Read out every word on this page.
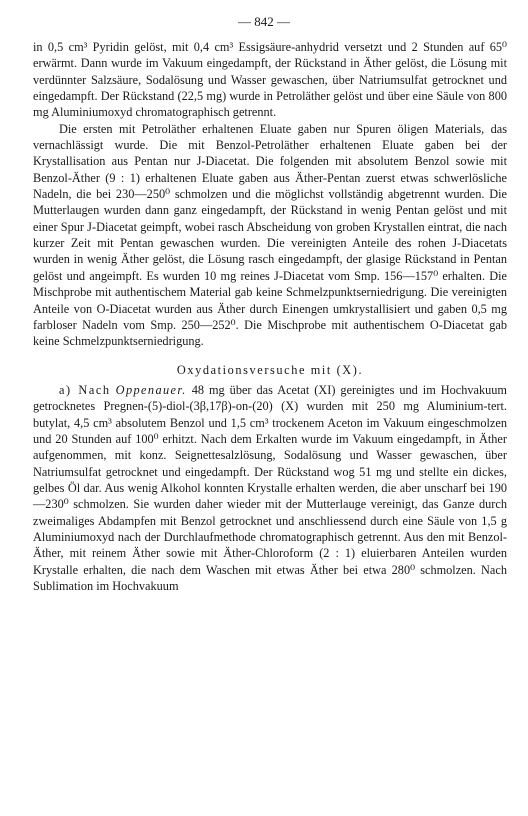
— 842 —

in 0,5 cm³ Pyridin gelöst, mit 0,4 cm³ Essigsäure-anhydrid versetzt und 2 Stunden auf 65⁰ erwärmt. Dann wurde im Vakuum eingedampft, der Rückstand in Äther gelöst, die Lösung mit verdünnter Salzsäure, Sodalösung und Wasser gewaschen, über Natriumsulfat getrocknet und eingedampft. Der Rückstand (22,5 mg) wurde in Petroläther gelöst und über eine Säule von 800 mg Aluminiumoxyd chromatographisch getrennt.

Die ersten mit Petroläther erhaltenen Eluate gaben nur Spuren öligen Materials, das vernachlässigt wurde. Die mit Benzol-Petroläther erhaltenen Eluate gaben bei der Krystallisation aus Pentan nur J-Diacetat. Die folgenden mit absolutem Benzol sowie mit Benzol-Äther (9 : 1) erhaltenen Eluate gaben aus Äther-Pentan zuerst etwas schwerlösliche Nadeln, die bei 230—250⁰ schmolzen und die möglichst vollständig abgetrennt wurden. Die Mutterlaugen wurden dann ganz eingedampft, der Rückstand in wenig Pentan gelöst und mit einer Spur J-Diacetat geimpft, wobei rasch Abscheidung von groben Krystallen eintrat, die nach kurzer Zeit mit Pentan gewaschen wurden. Die vereinigten Anteile des rohen J-Diacetats wurden in wenig Äther gelöst, die Lösung rasch eingedampft, der glasige Rückstand in Pentan gelöst und angeimpft. Es wurden 10 mg reines J-Diacetat vom Smp. 156—157⁰ erhalten. Die Mischprobe mit authentischem Material gab keine Schmelzpunktserniedrigung. Die vereinigten Anteile von O-Diacetat wurden aus Äther durch Einengen umkrystallisiert und gaben 0,5 mg farbloser Nadeln vom Smp. 250—252⁰. Die Mischprobe mit authentischem O-Diacetat gab keine Schmelzpunktserniedrigung.

Oxydationsversuche mit (X).

a) Nach Oppenauer. 48 mg über das Acetat (XI) gereinigtes und im Hochvakuum getrocknetes Pregnen-(5)-diol-(3β,17β)-on-(20) (X) wurden mit 250 mg Aluminium-tert. butylat, 4,5 cm³ absolutem Benzol und 1,5 cm³ trockenem Aceton im Vakuum eingeschmolzen und 20 Stunden auf 100⁰ erhitzt. Nach dem Erkalten wurde im Vakuum eingedampft, in Äther aufgenommen, mit konz. Seignettesalzlösung, Sodalösung und Wasser gewaschen, über Natriumsulfat getrocknet und eingedampft. Der Rückstand wog 51 mg und stellte ein dickes, gelbes Öl dar. Aus wenig Alkohol konnten Krystalle erhalten werden, die aber unscharf bei 190—230⁰ schmolzen. Sie wurden daher wieder mit der Mutterlauge vereinigt, das Ganze durch zweimaliges Abdampfen mit Benzol getrocknet und anschliessend durch eine Säule von 1,5 g Aluminiumoxyd nach der Durchlaufmethode chromatographisch getrennt. Aus den mit Benzol-Äther, mit reinem Äther sowie mit Äther-Chloroform (2 : 1) eluierbaren Anteilen wurden Krystalle erhalten, die nach dem Waschen mit etwas Äther bei etwa 280⁰ schmolzen. Nach Sublimation im Hochvakuum
